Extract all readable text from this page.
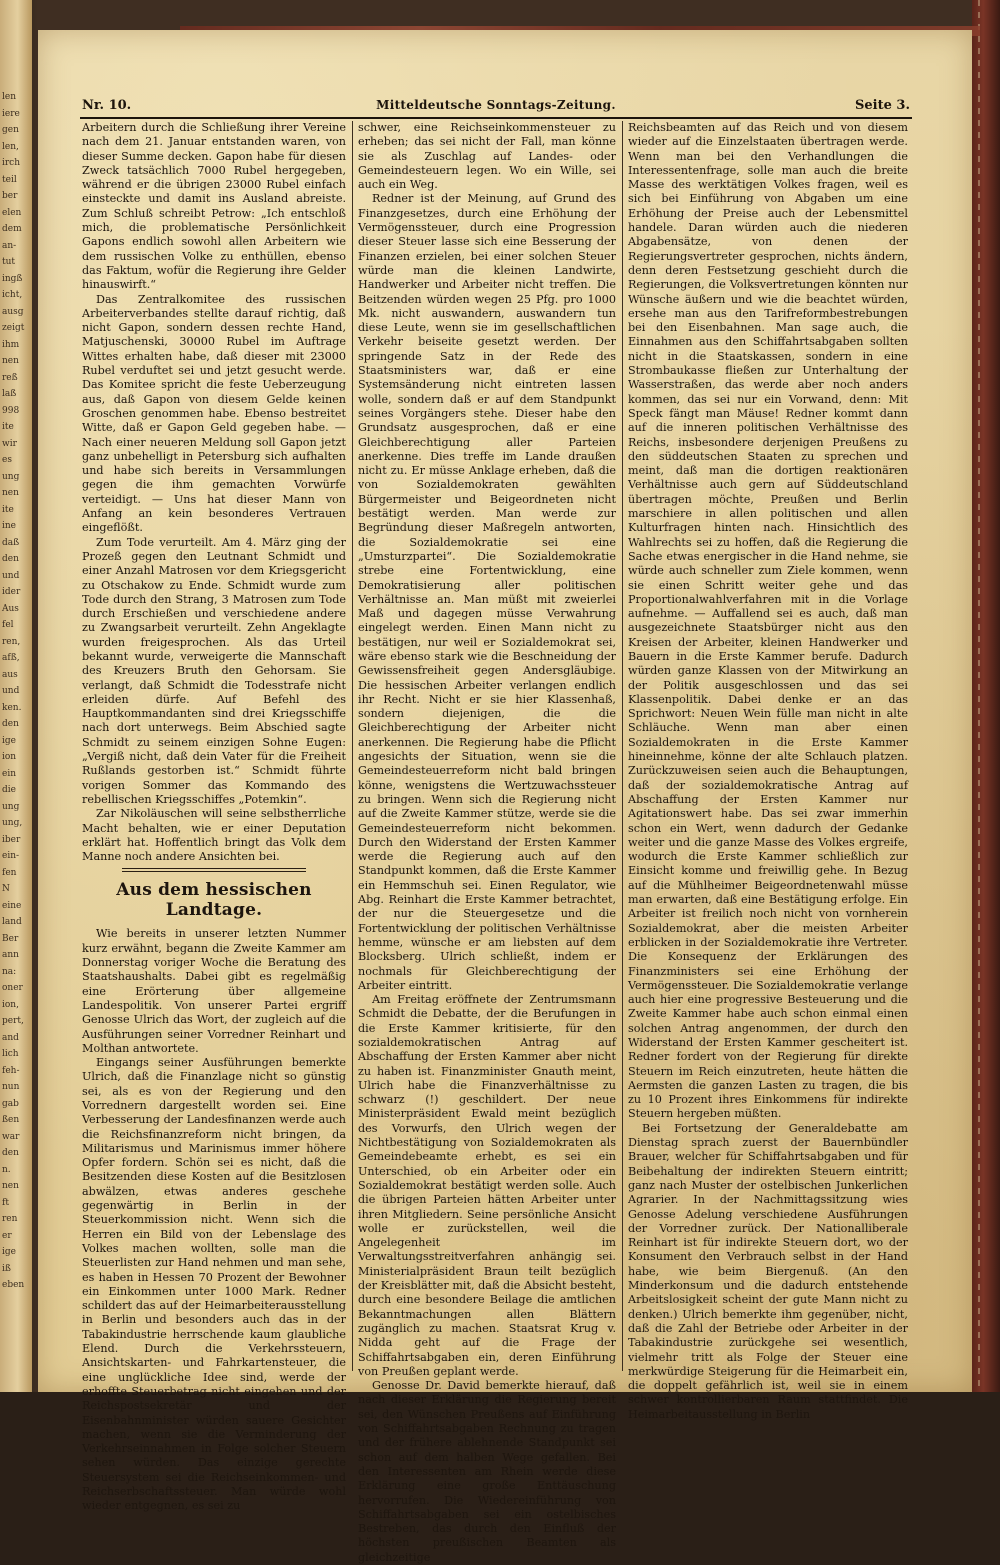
len
iere
gen
len,
irch
teil
ber
elen
dem
an-
tut
ingß
icht,
ausg
zeigt
ihm
nen
reß
laß
998
ite
wir
es
ung
nen
ite
ine
daß
den
und
ider
Aus
fel
ren,
afß,
aus
und
ken.
den
ige
ion
ein
die
ung
ung,
iber
ein-
fen
N
eine
land
Ber
ann
na:
oner
ion,
pert,
and
lich
feh-
nun
gab
ßen
war
den
n.
nen
ft
ren
er
ige
iß
eben
Nr. 10.	Mitteldeutsche Sonntags-Zeitung.	Seite 3.

Arbeitern durch die Schließung ihrer Vereine nach dem 21. Januar entstanden waren, von dieser Summe decken. Gapon habe für diesen Zweck tatsächlich 7000 Rubel hergegeben, während er die übrigen 23000 Rubel einfach einsteckte und damit ins Ausland abreiste. Zum Schluß schreibt Petrow: „Ich entschloß mich, die problematische Persönlichkeit Gapons endlich sowohl allen Arbeitern wie dem russischen Volke zu enthüllen, ebenso das Faktum, wofür die Regierung ihre Gelder hinauswirft.“

Das Zentralkomitee des russischen Arbeiterverbandes stellte darauf richtig, daß nicht Gapon, sondern dessen rechte Hand, Matjuschenski, 30000 Rubel im Auftrage Wittes erhalten habe, daß dieser mit 23000 Rubel verduftet sei und jetzt gesucht werde. Das Komitee spricht die feste Ueberzeugung aus, daß Gapon von diesem Gelde keinen Groschen genommen habe. Ebenso bestreitet Witte, daß er Gapon Geld gegeben habe. — Nach einer neueren Meldung soll Gapon jetzt ganz unbehelligt in Petersburg sich aufhalten und habe sich bereits in Versammlungen gegen die ihm gemachten Vorwürfe verteidigt. — Uns hat dieser Mann von Anfang an kein besonderes Vertrauen eingeflößt.

Zum Tode verurteilt. Am 4. März ging der Prozeß gegen den Leutnant Schmidt und einer Anzahl Matrosen vor dem Kriegsgericht zu Otschakow zu Ende. Schmidt wurde zum Tode durch den Strang, 3 Matrosen zum Tode durch Erschießen und verschiedene andere zu Zwangsarbeit verurteilt. Zehn Angeklagte wurden freigesprochen. Als das Urteil bekannt wurde, verweigerte die Mannschaft des Kreuzers Bruth den Gehorsam. Sie verlangt, daß Schmidt die Todesstrafe nicht erleiden dürfe. Auf Befehl des Hauptkommandanten sind drei Kriegsschiffe nach dort unterwegs. Beim Abschied sagte Schmidt zu seinem einzigen Sohne Eugen: „Vergiß nicht, daß dein Vater für die Freiheit Rußlands gestorben ist.“ Schmidt führte vorigen Sommer das Kommando des rebellischen Kriegsschiffes „Potemkin“.

Zar Nikoläuschen will seine selbstherrliche Macht behalten, wie er einer Deputation erklärt hat. Hoffentlich bringt das Volk dem Manne noch andere Ansichten bei.

Aus dem hessischen Landtage.

Wie bereits in unserer letzten Nummer kurz erwähnt, begann die Zweite Kammer am Donnerstag voriger Woche die Beratung des Staatshaushalts. Dabei gibt es regelmäßig eine Erörterung über allgemeine Landespolitik. Von unserer Partei ergriff Genosse Ulrich das Wort, der zugleich auf die Ausführungen seiner Vorredner Reinhart und Molthan antwortete.

Eingangs seiner Ausführungen bemerkte Ulrich, daß die Finanzlage nicht so günstig sei, als es von der Regierung und den Vorrednern dargestellt worden sei. Eine Verbesserung der Landesfinanzen werde auch die Reichsfinanzreform nicht bringen, da Militarismus und Marinismus immer höhere Opfer fordern. Schön sei es nicht, daß die Besitzenden diese Kosten auf die Besitzlosen abwälzen, etwas anderes geschehe gegenwärtig in Berlin in der Steuerkommission nicht. Wenn sich die Herren ein Bild von der Lebenslage des Volkes machen wollten, solle man die Steuerlisten zur Hand nehmen und man sehe, es haben in Hessen 70 Prozent der Bewohner ein Einkommen unter 1000 Mark. Redner schildert das auf der Heimarbeiterausstellung in Berlin und besonders auch das in der Tabakindustrie herrschende kaum glaubliche Elend. Durch die Verkehrssteuern, Ansichtskarten- und Fahrkartensteuer, die eine unglückliche Idee sind, werde der erhoffte Steuerbetrag nicht eingehen und der Reichspostsekretär und der Eisenbahnminister würden sauere Gesichter machen, wenn sie die Verminderung der Verkehrseinnahmen in Folge solcher Steuern sehen würden. Das einzige gerechte Steuersystem sei die Reichseinkommen- und Reichserbschaftssteuer. Man würde wohl wieder entgegnen, es sei zu

schwer, eine Reichseinkommensteuer zu erheben; das sei nicht der Fall, man könne sie als Zuschlag auf Landes- oder Gemeindesteuern legen. Wo ein Wille, sei auch ein Weg.

Redner ist der Meinung, auf Grund des Finanzgesetzes, durch eine Erhöhung der Vermögenssteuer, durch eine Progression dieser Steuer lasse sich eine Besserung der Finanzen erzielen, bei einer solchen Steuer würde man die kleinen Landwirte, Handwerker und Arbeiter nicht treffen. Die Beitzenden würden wegen 25 Pfg. pro 1000 Mk. nicht auswandern, auswandern tun diese Leute, wenn sie im gesellschaftlichen Verkehr beiseite gesetzt werden. Der springende Satz in der Rede des Staatsministers war, daß er eine Systemsänderung nicht eintreten lassen wolle, sondern daß er auf dem Standpunkt seines Vorgängers stehe. Dieser habe den Grundsatz ausgesprochen, daß er eine Gleichberechtigung aller Parteien anerkenne. Dies treffe im Lande draußen nicht zu. Er müsse Anklage erheben, daß die von Sozialdemokraten gewählten Bürgermeister und Beigeordneten nicht bestätigt werden. Man werde zur Begründung dieser Maßregeln antworten, die Sozialdemokratie sei eine „Umsturzpartei“. Die Sozialdemokratie strebe eine Fortentwicklung, eine Demokratisierung aller politischen Verhältnisse an. Man müßt mit zweierlei Maß und dagegen müsse Verwahrung eingelegt werden. Einen Mann nicht zu bestätigen, nur weil er Sozialdemokrat sei, wäre ebenso stark wie die Beschneidung der Gewissensfreiheit gegen Andersgläubige. Die hessischen Arbeiter verlangen endlich ihr Recht. Nicht er sie hier Klassenhaß, sondern diejenigen, die die Gleichberechtigung der Arbeiter nicht anerkennen. Die Regierung habe die Pflicht angesichts der Situation, wenn sie die Gemeindesteuerreform nicht bald bringen könne, wenigstens die Wertzuwachssteuer zu bringen. Wenn sich die Regierung nicht auf die Zweite Kammer stütze, werde sie die Gemeindesteuerreform nicht bekommen. Durch den Widerstand der Ersten Kammer werde die Regierung auch auf den Standpunkt kommen, daß die Erste Kammer ein Hemmschuh sei. Einen Regulator, wie Abg. Reinhart die Erste Kammer betrachtet, der nur die Steuergesetze und die Fortentwicklung der politischen Verhältnisse hemme, wünsche er am liebsten auf dem Blocksberg. Ulrich schließt, indem er nochmals für Gleichberechtigung der Arbeiter eintritt.

Am Freitag eröffnete der Zentrumsmann Schmidt die Debatte, der die Berufungen in die Erste Kammer kritisierte, für den sozialdemokratischen Antrag auf Abschaffung der Ersten Kammer aber nicht zu haben ist. Finanzminister Gnauth meint, Ulrich habe die Finanzverhältnisse zu schwarz (!) geschildert. Der neue Ministerpräsident Ewald meint bezüglich des Vorwurfs, den Ulrich wegen der Nichtbestätigung von Sozialdemokraten als Gemeindebeamte erhebt, es sei ein Unterschied, ob ein Arbeiter oder ein Sozialdemokrat bestätigt werden solle. Auch die übrigen Parteien hätten Arbeiter unter ihren Mitgliedern. Seine persönliche Ansicht wolle er zurückstellen, weil die Angelegenheit im Verwaltungsstreitverfahren anhängig sei. Ministerialpräsident Braun teilt bezüglich der Kreisblätter mit, daß die Absicht besteht, durch eine besondere Beilage die amtlichen Bekanntmachungen allen Blättern zugänglich zu machen. Staatsrat Krug v. Nidda geht auf die Frage der Schiffahrtsabgaben ein, deren Einführung von Preußen geplant werde.

Genosse Dr. David bemerkte hierauf, daß nach dieser Erklärung die Regierung bereit sei, den Wünschen Preußens auf Einführung von Schiffahrtsabgaben Rechnung zu tragen und der frühere ablehnende Standpunkt sei schon auf dem halben Wege gefallen. Bei den Interessenten am Rhein werde diese Erklärung eine große Enttäuschung hervorrufen. Die Wiedereinführung von Schiffahrtsabgaben sei ein ostelbisches Bestreben, das durch den Einfluß der höchsten preußischen Beamten als gleichzeitige

Reichsbeamten auf das Reich und von diesem wieder auf die Einzelstaaten übertragen werde. Wenn man bei den Verhandlungen die Interessentenfrage, solle man auch die breite Masse des werktätigen Volkes fragen, weil es sich bei Einführung von Abgaben um eine Erhöhung der Preise auch der Lebensmittel handele. Daran würden auch die niederen Abgabensätze, von denen der Regierungsvertreter gesprochen, nichts ändern, denn deren Festsetzung geschieht durch die Regierungen, die Volksvertretungen könnten nur Wünsche äußern und wie die beachtet würden, ersehe man aus den Tarifreformbestrebungen bei den Eisenbahnen. Man sage auch, die Einnahmen aus den Schiffahrtsabgaben sollten nicht in die Staatskassen, sondern in eine Strombaukasse fließen zur Unterhaltung der Wasserstraßen, das werde aber noch anders kommen, das sei nur ein Vorwand, denn: Mit Speck fängt man Mäuse! Redner kommt dann auf die inneren politischen Verhältnisse des Reichs, insbesondere derjenigen Preußens zu den süddeutschen Staaten zu sprechen und meint, daß man die dortigen reaktionären Verhältnisse auch gern auf Süddeutschland übertragen möchte, Preußen und Berlin marschiere in allen politischen und allen Kulturfragen hinten nach. Hinsichtlich des Wahlrechts sei zu hoffen, daß die Regierung die Sache etwas energischer in die Hand nehme, sie würde auch schneller zum Ziele kommen, wenn sie einen Schritt weiter gehe und das Proportionalwahlverfahren mit in die Vorlage aufnehme. — Auffallend sei es auch, daß man ausgezeichnete Staatsbürger nicht aus den Kreisen der Arbeiter, kleinen Handwerker und Bauern in die Erste Kammer berufe. Dadurch würden ganze Klassen von der Mitwirkung an der Politik ausgeschlossen und das sei Klassenpolitik. Dabei denke er an das Sprichwort: Neuen Wein fülle man nicht in alte Schläuche. Wenn man aber einen Sozialdemokraten in die Erste Kammer hineinnehme, könne der alte Schlauch platzen. Zurückzuweisen seien auch die Behauptungen, daß der sozialdemokratische Antrag auf Abschaffung der Ersten Kammer nur Agitationswert habe. Das sei zwar immerhin schon ein Wert, wenn dadurch der Gedanke weiter und die ganze Masse des Volkes ergreife, wodurch die Erste Kammer schließlich zur Einsicht komme und freiwillig gehe. In Bezug auf die Mühlheimer Beigeordnetenwahl müsse man erwarten, daß eine Bestätigung erfolge. Ein Arbeiter ist freilich noch nicht von vornherein Sozialdemokrat, aber die meisten Arbeiter erblicken in der Sozialdemokratie ihre Vertreter. Die Konsequenz der Erklärungen des Finanzministers sei eine Erhöhung der Vermögenssteuer. Die Sozialdemokratie verlange auch hier eine progressive Besteuerung und die Zweite Kammer habe auch schon einmal einen solchen Antrag angenommen, der durch den Widerstand der Ersten Kammer gescheitert ist. Redner fordert von der Regierung für direkte Steuern im Reich einzutreten, heute hätten die Aermsten die ganzen Lasten zu tragen, die bis zu 10 Prozent ihres Einkommens für indirekte Steuern hergeben müßten.

Bei Fortsetzung der Generaldebatte am Dienstag sprach zuerst der Bauernbündler Brauer, welcher für Schiffahrtsabgaben und für Beibehaltung der indirekten Steuern eintritt; ganz nach Muster der ostelbischen Junkerlichen Agrarier. In der Nachmittagssitzung wies Genosse Adelung verschiedene Ausführungen der Vorredner zurück. Der Nationalliberale Reinhart ist für indirekte Steuern dort, wo der Konsument den Verbrauch selbst in der Hand habe, wie beim Biergenuß. (An den Minderkonsum und die dadurch entstehende Arbeitslosigkeit scheint der gute Mann nicht zu denken.) Ulrich bemerkte ihm gegenüber, nicht, daß die Zahl der Betriebe oder Arbeiter in der Tabakindustrie zurückgehe sei wesentlich, vielmehr tritt als Folge der Steuer eine merkwürdige Steigerung für die Heimarbeit ein, die doppelt gefährlich ist, weil sie in einem schwer kontrollierbaren Raum stattfindet. Die Heimarbeitausstellung in Berlin
